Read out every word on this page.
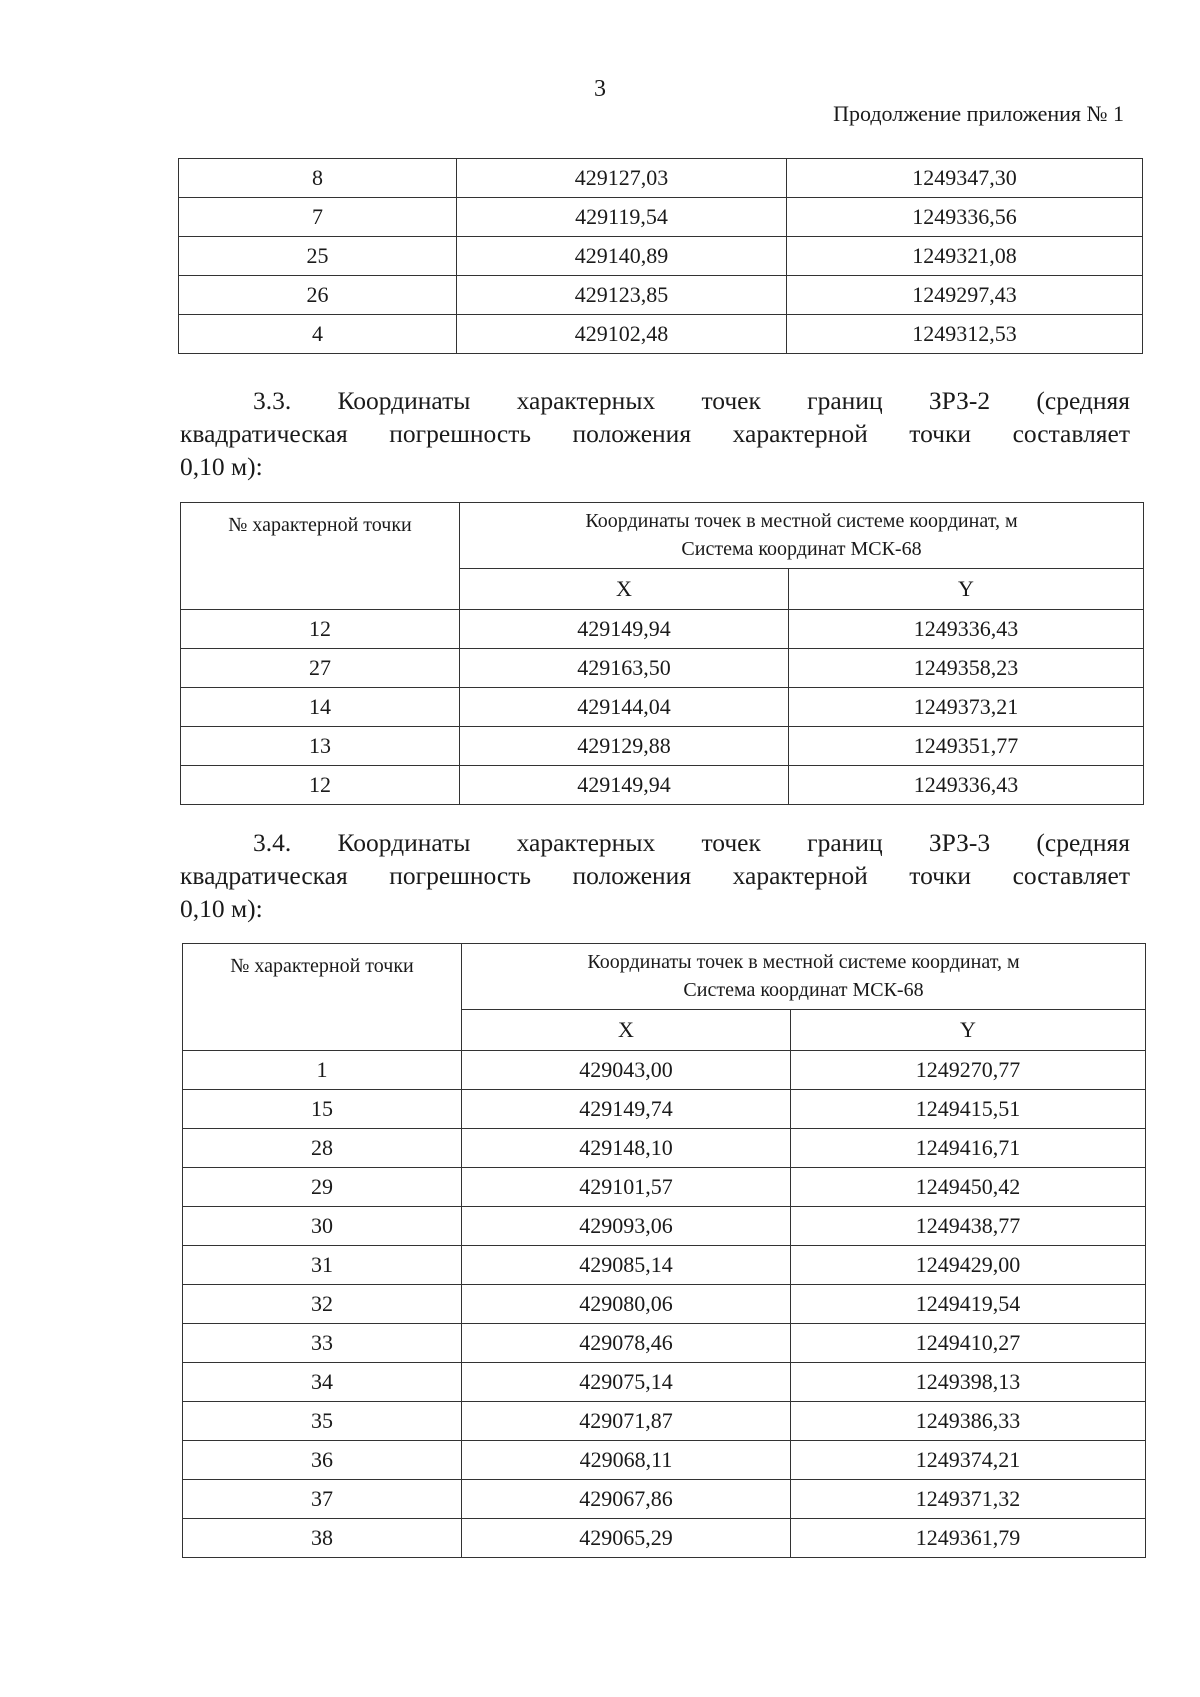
3
Продолжение приложения № 1
8	429127,03	1249347,30
7	429119,54	1249336,56
25	429140,89	1249321,08
26	429123,85	1249297,43
4	429102,48	1249312,53
3.3. Координаты характерных точек границ ЗРЗ-2 (средняя
квадратическая погрешность положения характерной точки составляет
0,10 м):
№ характерной точки	Координаты точек в местной системе координат, м
Система координат МСК-68	

	X	Y
12	429149,94	1249336,43
27	429163,50	1249358,23
14	429144,04	1249373,21
13	429129,88	1249351,77
12	429149,94	1249336,43
3.4. Координаты характерных точек границ ЗРЗ-3 (средняя
квадратическая погрешность положения характерной точки составляет
0,10 м):
№ характерной точки	Координаты точек в местной системе координат, м
Система координат МСК-68	

	X	Y
1	429043,00	1249270,77
15	429149,74	1249415,51
28	429148,10	1249416,71
29	429101,57	1249450,42
30	429093,06	1249438,77
31	429085,14	1249429,00
32	429080,06	1249419,54
33	429078,46	1249410,27
34	429075,14	1249398,13
35	429071,87	1249386,33
36	429068,11	1249374,21
37	429067,86	1249371,32
38	429065,29	1249361,79
